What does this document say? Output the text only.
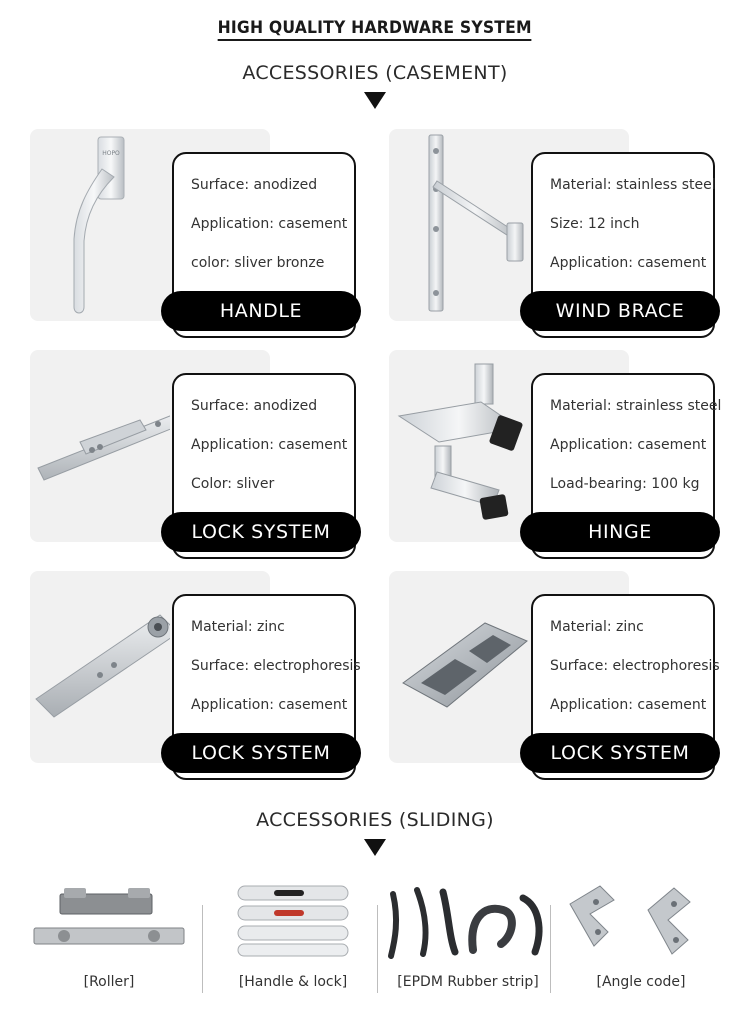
HIGH QUALITY HARDWARE SYSTEM
ACCESSORIES (CASEMENT)
HOPO
Surface: anodized
Application: casement
color: sliver bronze
HANDLE
Material: stainless steel
Size: 12 inch
Application: casement
WIND BRACE
Surface: anodized
Application: casement
Color: sliver
LOCK SYSTEM
Material: strainless steel
Application: casement
Load-bearing: 100 kg
HINGE
Material: zinc
Surface: electrophoresis
Application: casement
LOCK SYSTEM
Material: zinc
Surface: electrophoresis
Application: casement
LOCK SYSTEM
ACCESSORIES (SLIDING)
[Roller]	[Handle & lock]	[EPDM Rubber strip]	[Angle code]
